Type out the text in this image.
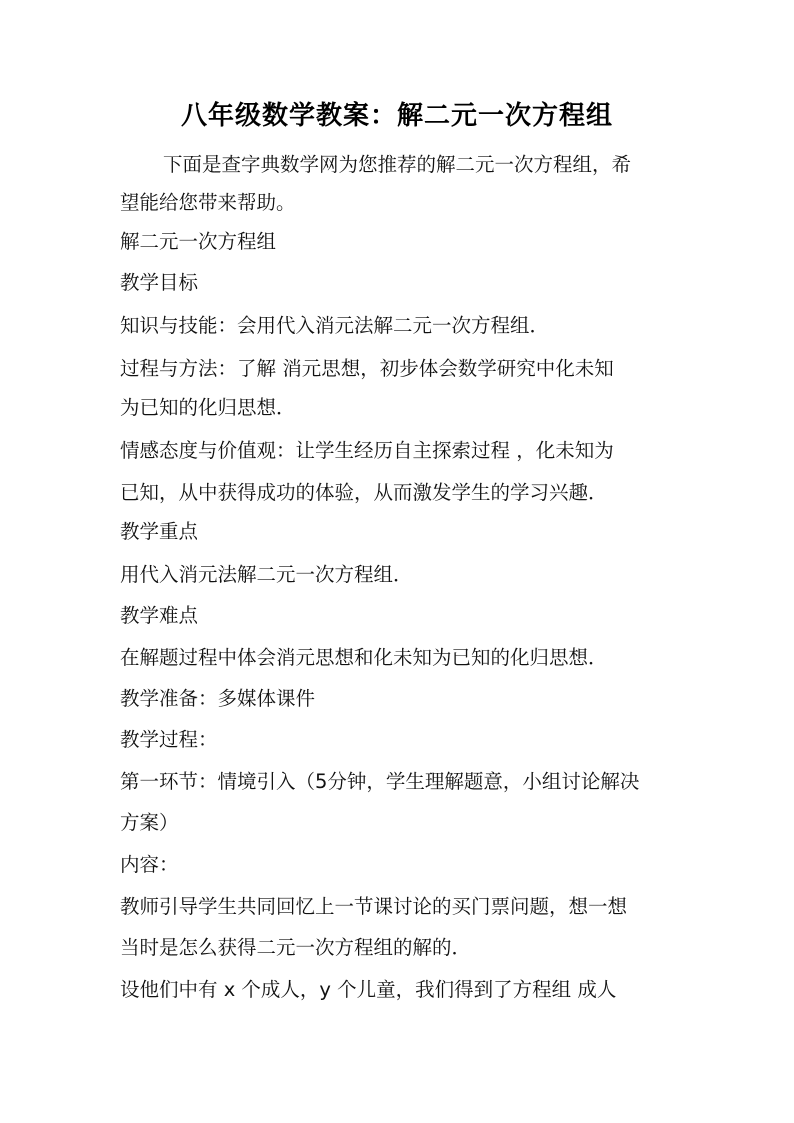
八年级数学教案：解二元一次方程组

下面是查字典数学网为您推荐的解二元一次方程组，希

望能给您带来帮助。

解二元一次方程组

教学目标

知识与技能：会用代入消元法解二元一次方程组．

过程与方法：了解 消元思想，初步体会数学研究中化未知

为已知的化归思想．

情感态度与价值观：让学生经历自主探索过程 ，化未知为

已知，从中获得成功的体验，从而激发学生的学习兴趣．

教学重点

用代入消元法解二元一次方程组．

教学难点

在解题过程中体会消元思想和化未知为已知的化归思想．

教学准备：多媒体课件

教学过程：

第一环节：情境引入（5分钟，学生理解题意，小组讨论解决

方案）

内容：

教师引导学生共同回忆上一节课讨论的买门票问题，想一想

当时是怎么获得二元一次方程组的解的．

设他们中有 x 个成人，y 个儿童，我们得到了方程组 成人
